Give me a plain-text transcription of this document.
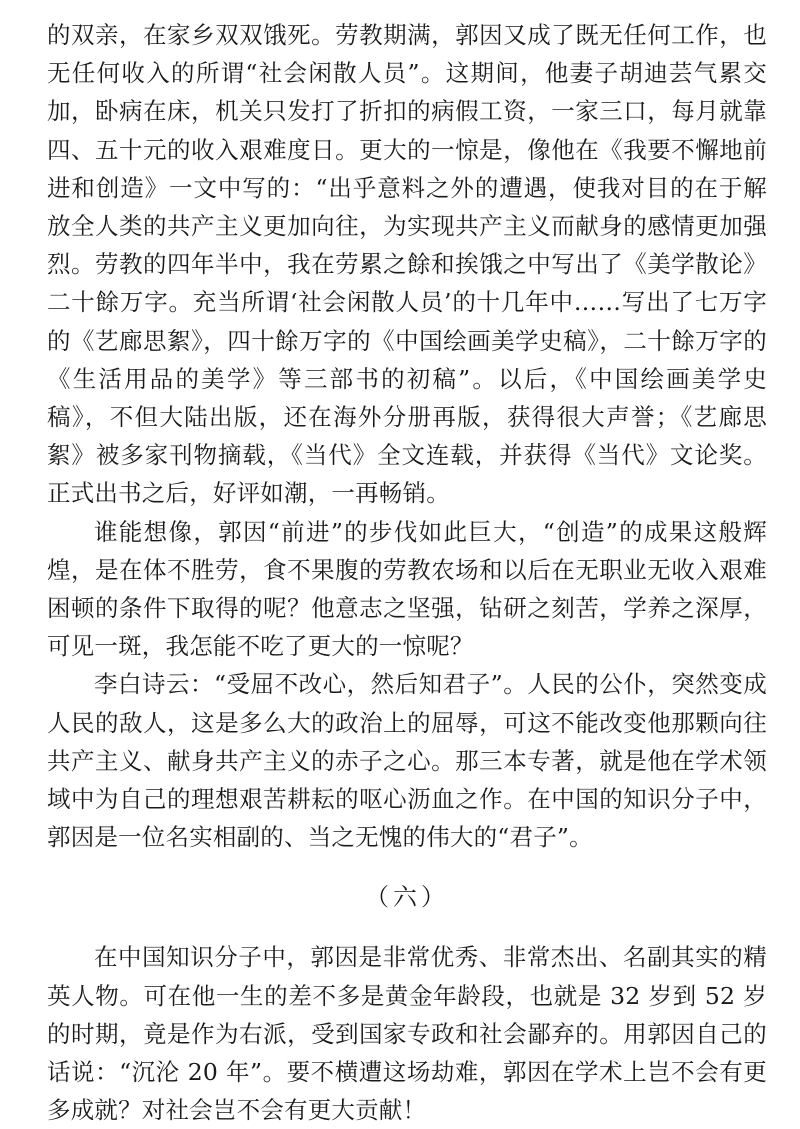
的双亲，在家乡双双饿死。劳教期满，郭因又成了既无任何工作，也无任何收入的所谓“社会闲散人员”。这期间，他妻子胡迪芸气累交加，卧病在床，机关只发打了折扣的病假工资，一家三口，每月就靠四、五十元的收入艰难度日。更大的一惊是，像他在《我要不懈地前进和创造》一文中写的：“出乎意料之外的遭遇，使我对目的在于解放全人类的共产主义更加向往，为实现共产主义而献身的感情更加强烈。劳教的四年半中，我在劳累之餘和挨饿之中写出了《美学散论》二十餘万字。充当所谓‘社会闲散人员’的十几年中……写出了七万字的《艺廊思絮》，四十餘万字的《中国绘画美学史稿》，二十餘万字的《生活用品的美学》等三部书的初稿”。以后，《中国绘画美学史稿》，不但大陆出版，还在海外分册再版，获得很大声誉；《艺廊思絮》被多家刊物摘载，《当代》全文连载，并获得《当代》文论奖。正式出书之后，好评如潮，一再畅销。

谁能想像，郭因“前进”的步伐如此巨大，“创造”的成果这般辉煌，是在体不胜劳，食不果腹的劳教农场和以后在无职业无收入艰难困顿的条件下取得的呢？他意志之坚强，钻研之刻苦，学养之深厚，可见一斑，我怎能不吃了更大的一惊呢？

李白诗云：“受屈不改心，然后知君子”。人民的公仆，突然变成人民的敌人，这是多么大的政治上的屈辱，可这不能改变他那颗向往共产主义、献身共产主义的赤子之心。那三本专著，就是他在学术领域中为自己的理想艰苦耕耘的呕心沥血之作。在中国的知识分子中，郭因是一位名实相副的、当之无愧的伟大的“君子”。

（六）

在中国知识分子中，郭因是非常优秀、非常杰出、名副其实的精英人物。可在他一生的差不多是黄金年龄段，也就是 32 岁到 52 岁的时期，竟是作为右派，受到国家专政和社会鄙弃的。用郭因自己的话说：“沉沦 20 年”。要不横遭这场劫难，郭因在学术上岂不会有更多成就？对社会岂不会有更大贡献！
